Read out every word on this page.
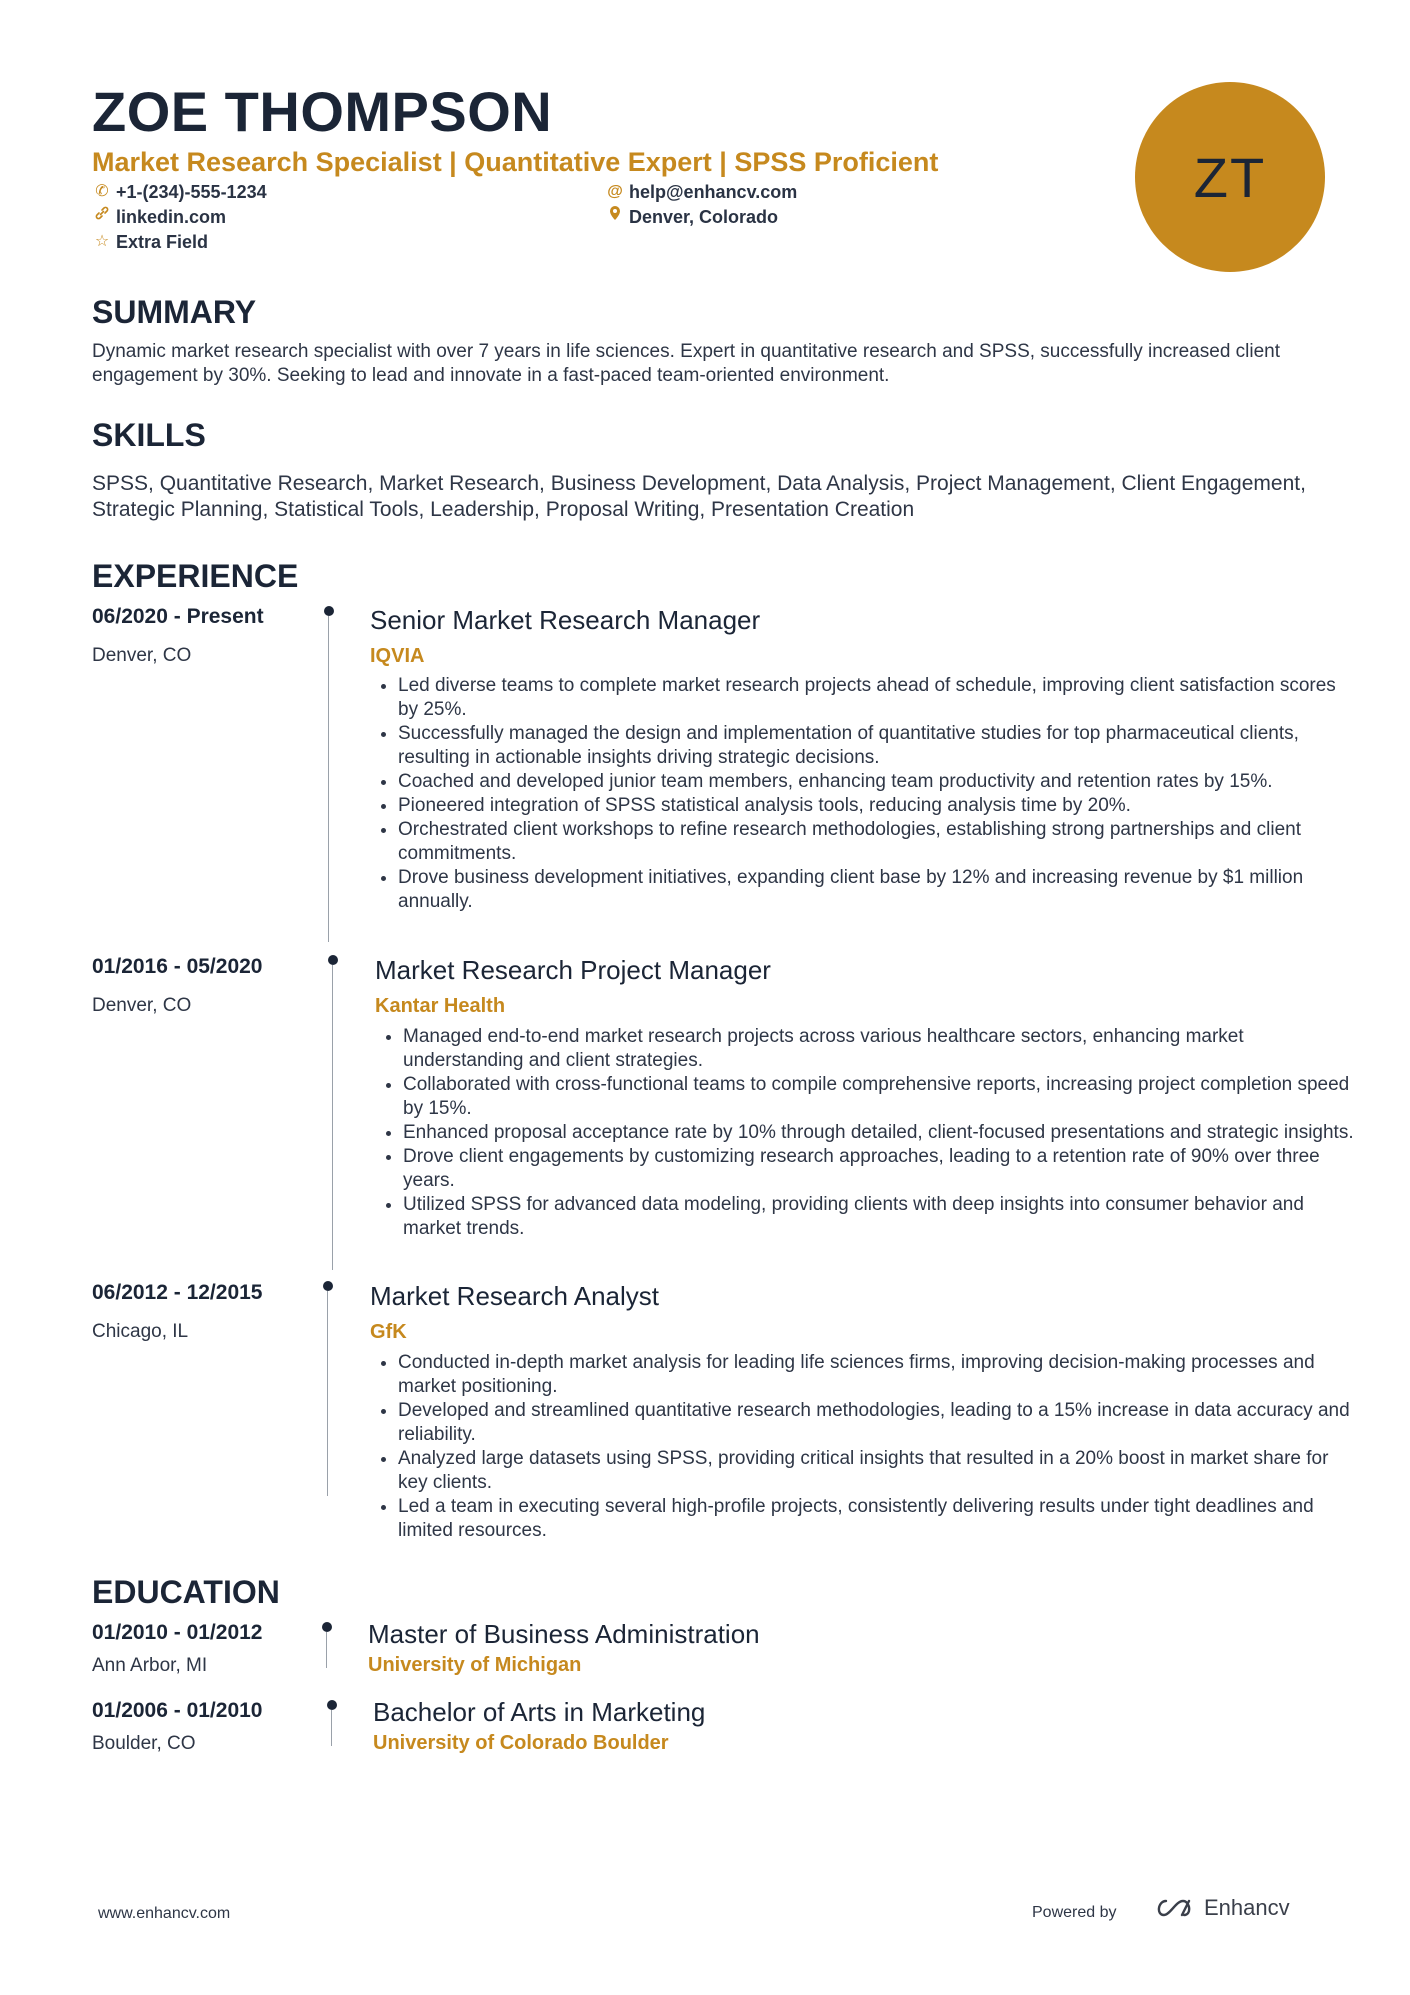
ZOE THOMPSON
Market Research Specialist | Quantitative Expert | SPSS Proficient
✆ +1-(234)-555-1234
linkedin.com
☆ Extra Field
@ help@enhancv.com
Denver, Colorado
ZT
SUMMARY
Dynamic market research specialist with over 7 years in life sciences. Expert in quantitative research and SPSS, successfully increased client engagement by 30%. Seeking to lead and innovate in a fast-paced team-oriented environment.
SKILLS
SPSS, Quantitative Research, Market Research, Business Development, Data Analysis, Project Management, Client Engagement, Strategic Planning, Statistical Tools, Leadership, Proposal Writing, Presentation Creation
EXPERIENCE
06/2020 - Present
Denver, CO
Senior Market Research Manager
IQVIA
• Led diverse teams to complete market research projects ahead of schedule, improving client satisfaction scores by 25%.
• Successfully managed the design and implementation of quantitative studies for top pharmaceutical clients, resulting in actionable insights driving strategic decisions.
• Coached and developed junior team members, enhancing team productivity and retention rates by 15%.
• Pioneered integration of SPSS statistical analysis tools, reducing analysis time by 20%.
• Orchestrated client workshops to refine research methodologies, establishing strong partnerships and client commitments.
• Drove business development initiatives, expanding client base by 12% and increasing revenue by $1 million annually.
01/2016 - 05/2020
Denver, CO
Market Research Project Manager
Kantar Health
• Managed end-to-end market research projects across various healthcare sectors, enhancing market understanding and client strategies.
• Collaborated with cross-functional teams to compile comprehensive reports, increasing project completion speed by 15%.
• Enhanced proposal acceptance rate by 10% through detailed, client-focused presentations and strategic insights.
• Drove client engagements by customizing research approaches, leading to a retention rate of 90% over three years.
• Utilized SPSS for advanced data modeling, providing clients with deep insights into consumer behavior and market trends.
06/2012 - 12/2015
Chicago, IL
Market Research Analyst
GfK
• Conducted in-depth market analysis for leading life sciences firms, improving decision-making processes and market positioning.
• Developed and streamlined quantitative research methodologies, leading to a 15% increase in data accuracy and reliability.
• Analyzed large datasets using SPSS, providing critical insights that resulted in a 20% boost in market share for key clients.
• Led a team in executing several high-profile projects, consistently delivering results under tight deadlines and limited resources.
EDUCATION
01/2010 - 01/2012
Ann Arbor, MI
Master of Business Administration
University of Michigan
01/2006 - 01/2010
Boulder, CO
Bachelor of Arts in Marketing
University of Colorado Boulder
www.enhancv.com	Powered by	Enhancv
